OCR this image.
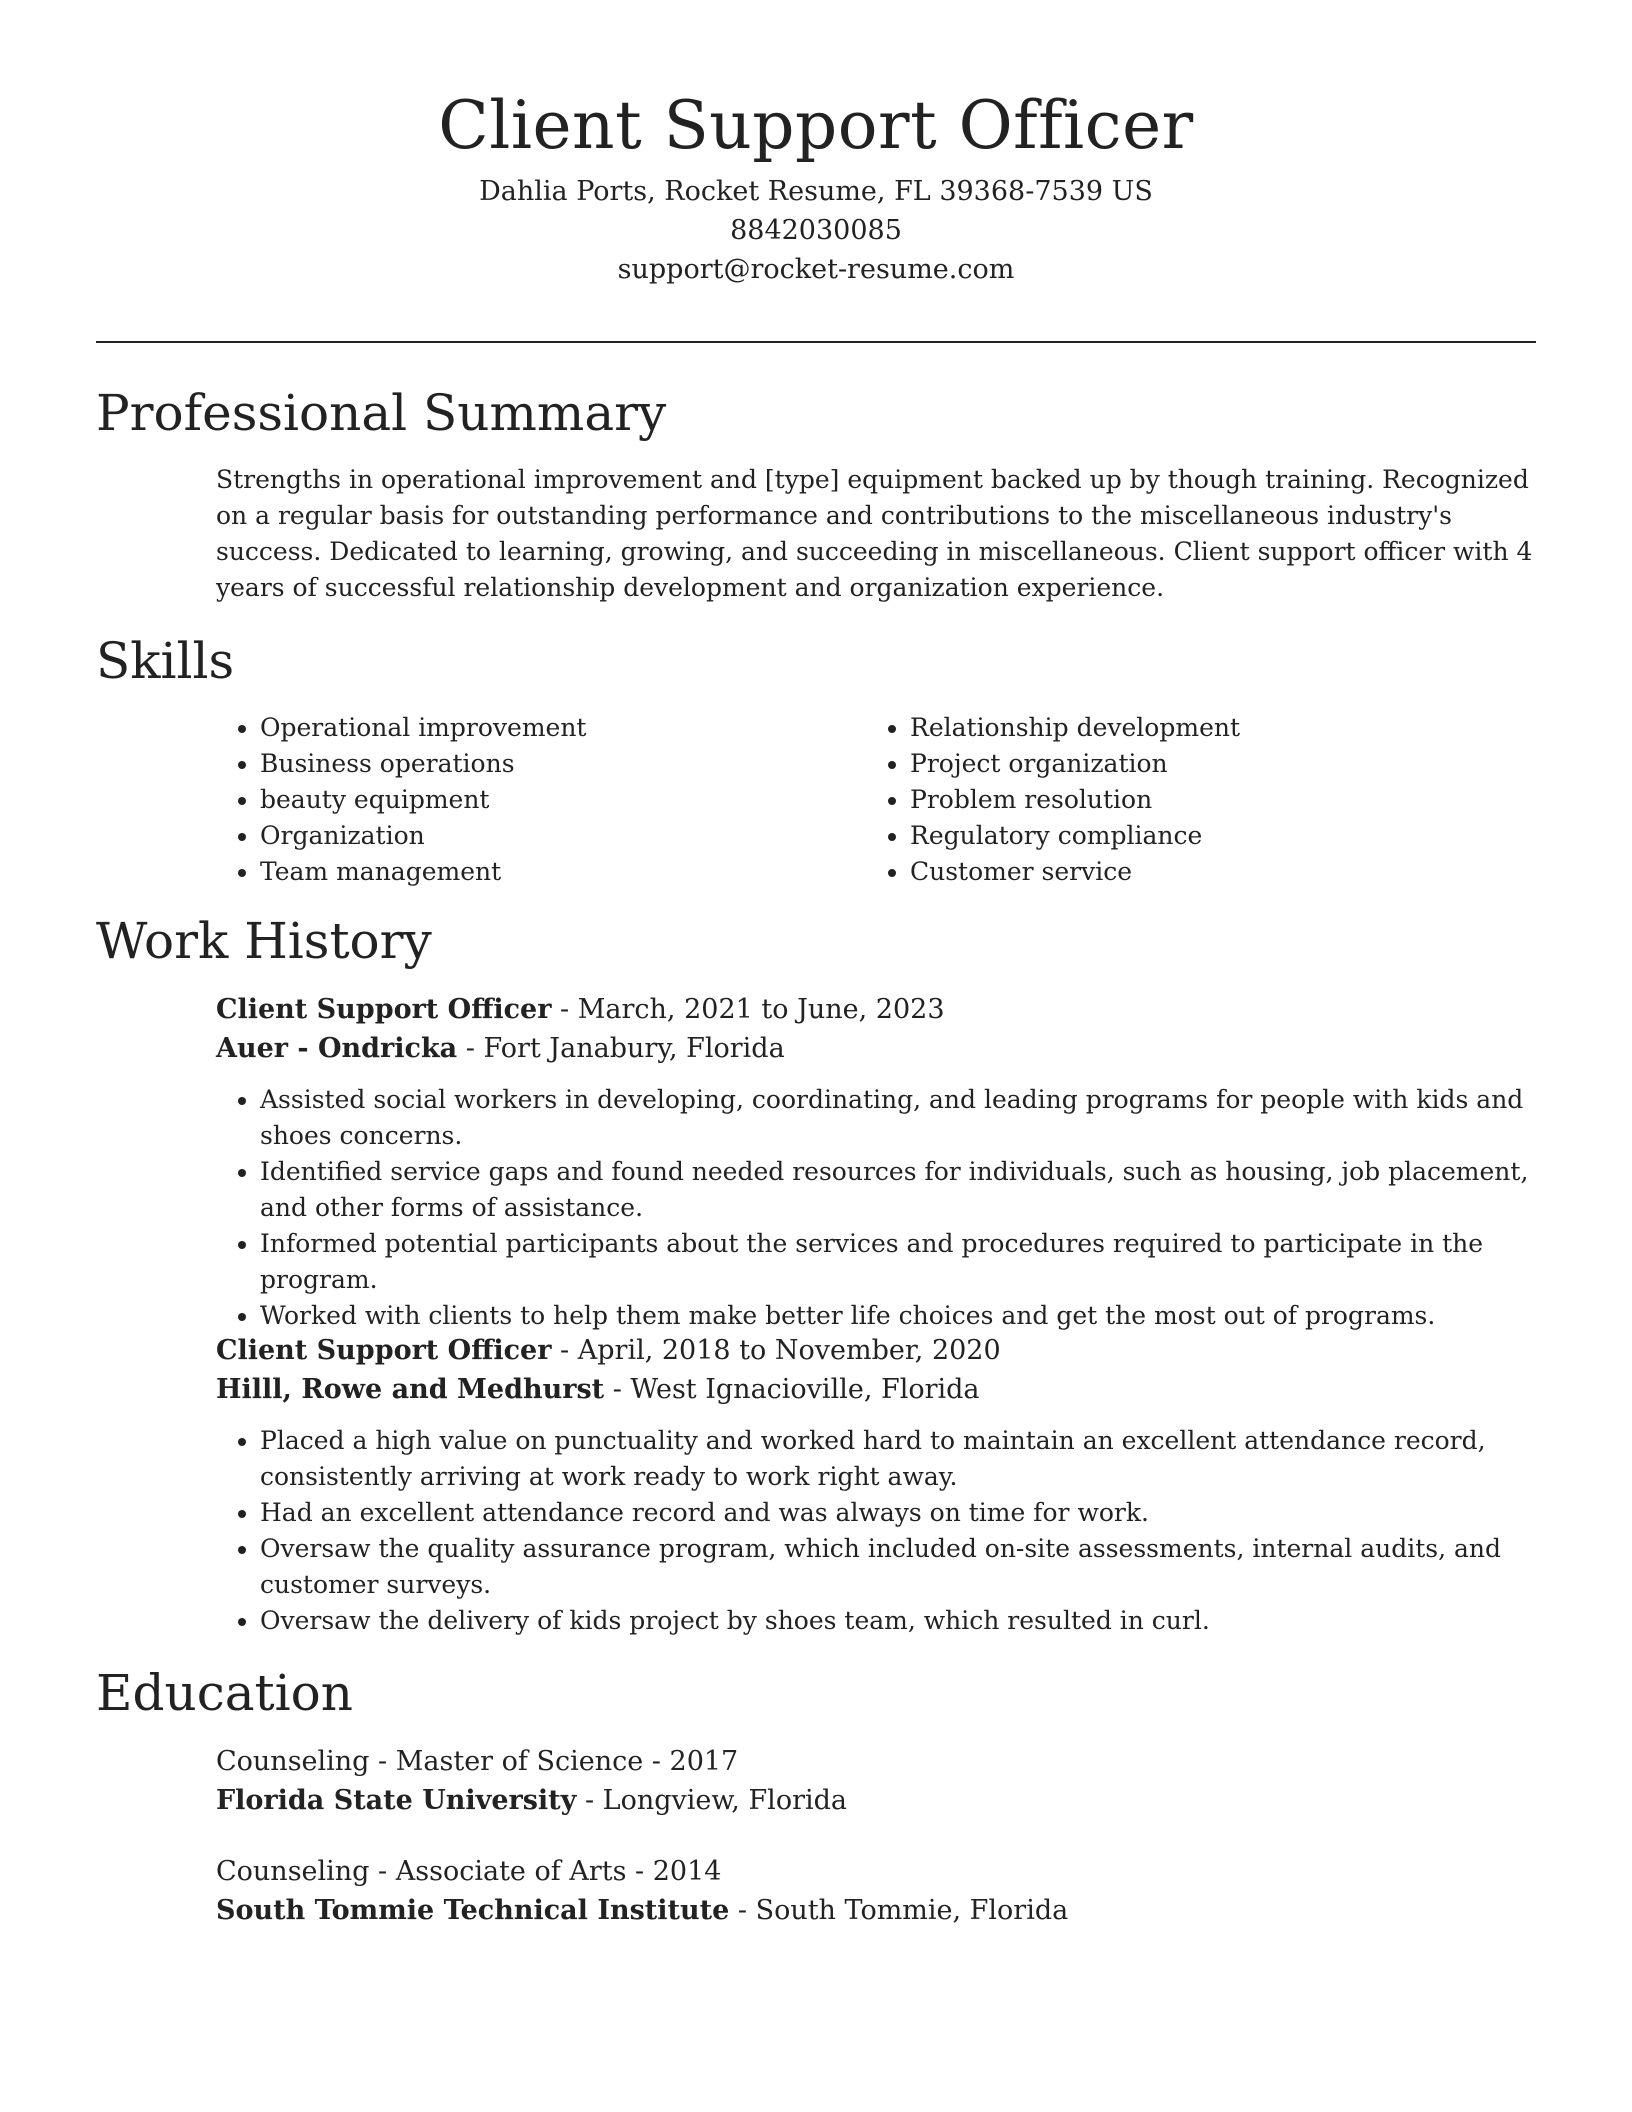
Client Support Officer
Dahlia Ports, Rocket Resume, FL 39368-7539 US
8842030085
support@rocket-resume.com
Professional Summary

Strengths in operational improvement and [type] equipment backed up by though training. Recognized on a regular basis for outstanding performance and contributions to the miscellaneous industry's success. Dedicated to learning, growing, and succeeding in miscellaneous. Client support officer with 4 years of successful relationship development and organization experience.

Skills
• Operational improvement
• Business operations
• beauty equipment
• Organization
• Team management
• Relationship development
• Project organization
• Problem resolution
• Regulatory compliance
• Customer service
Work History
Client Support Officer - March, 2021 to June, 2023
Auer - Ondricka - Fort Janabury, Florida
• Assisted social workers in developing, coordinating, and leading programs for people with kids and shoes concerns.
• Identified service gaps and found needed resources for individuals, such as housing, job placement, and other forms of assistance.
• Informed potential participants about the services and procedures required to participate in the program.
• Worked with clients to help them make better life choices and get the most out of programs.
Client Support Officer - April, 2018 to November, 2020
Hilll, Rowe and Medhurst - West Ignacioville, Florida
• Placed a high value on punctuality and worked hard to maintain an excellent attendance record, consistently arriving at work ready to work right away.
• Had an excellent attendance record and was always on time for work.
• Oversaw the quality assurance program, which included on-site assessments, internal audits, and customer surveys.
• Oversaw the delivery of kids project by shoes team, which resulted in curl.
Education
Counseling - Master of Science - 2017
Florida State University - Longview, Florida
Counseling - Associate of Arts - 2014
South Tommie Technical Institute - South Tommie, Florida
